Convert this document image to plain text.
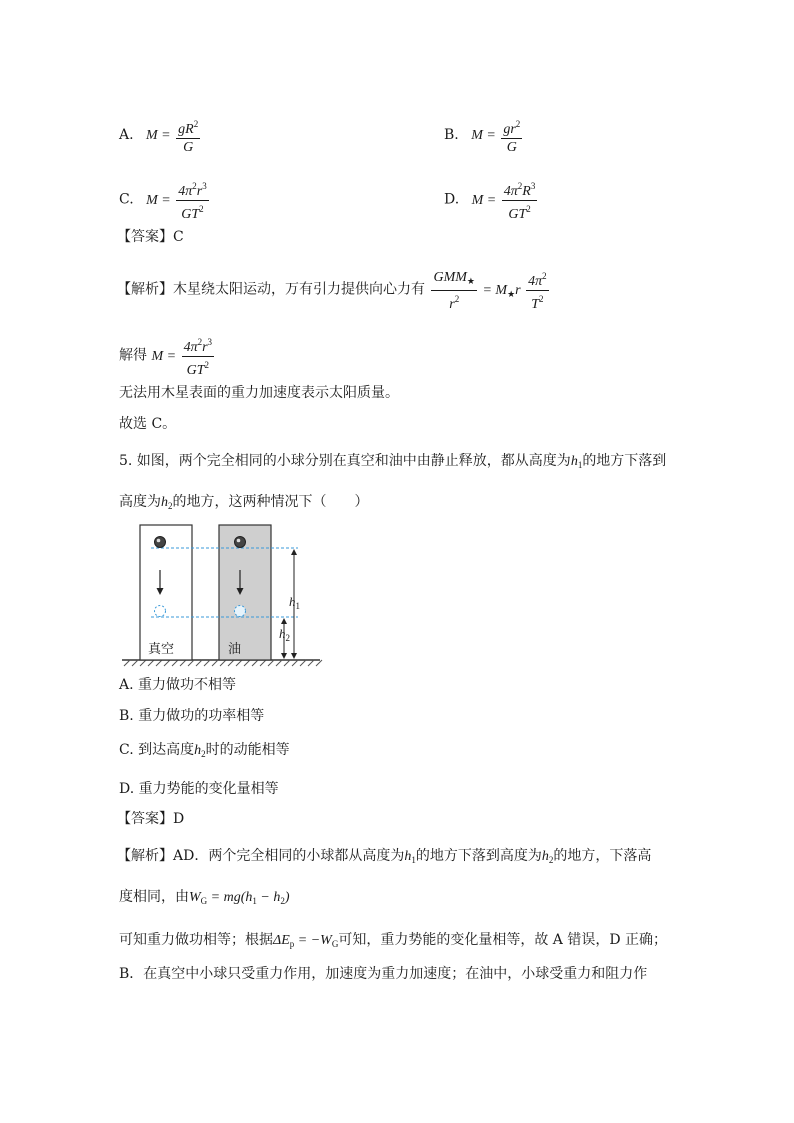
A. $M = \frac{gR^2}{G}$	B. $M = \frac{gr^2}{G}$
C. $M = \frac{4\pi^2r^3}{GT^2}$	D. $M = \frac{4\pi^2R^3}{GT^2}$
【答案】C
【解析】木星绕太阳运动，万有引力提供向心力有 $\frac{GMM_★}{r^2} = M_★r \frac{4\pi^2}{T^2}$
解得 $M = \frac{4\pi^2r^3}{GT^2}$
无法用木星表面的重力加速度表示太阳质量。
故选 C。
5. 如图，两个完全相同的小球分别在真空和油中由静止释放，都从高度为$h_1$的地方下落到
高度为$h_2$的地方，这两种情况下（　　）
真空	油
$h_1$
$h_2$
A. 重力做功不相等
B. 重力做功的功率相等
C. 到达高度$h_2$时的动能相等
D. 重力势能的变化量相等
【答案】D
【解析】AD．两个完全相同的小球都从高度为$h_1$的地方下落到高度为$h_2$的地方，下落高
度相同，由$W_G = mg(h_1 - h_2)$
可知重力做功相等；根据$\Delta E_p = -W_G$可知，重力势能的变化量相等，故 A 错误，D 正确；
B．在真空中小球只受重力作用，加速度为重力加速度；在油中，小球受重力和阻力作
